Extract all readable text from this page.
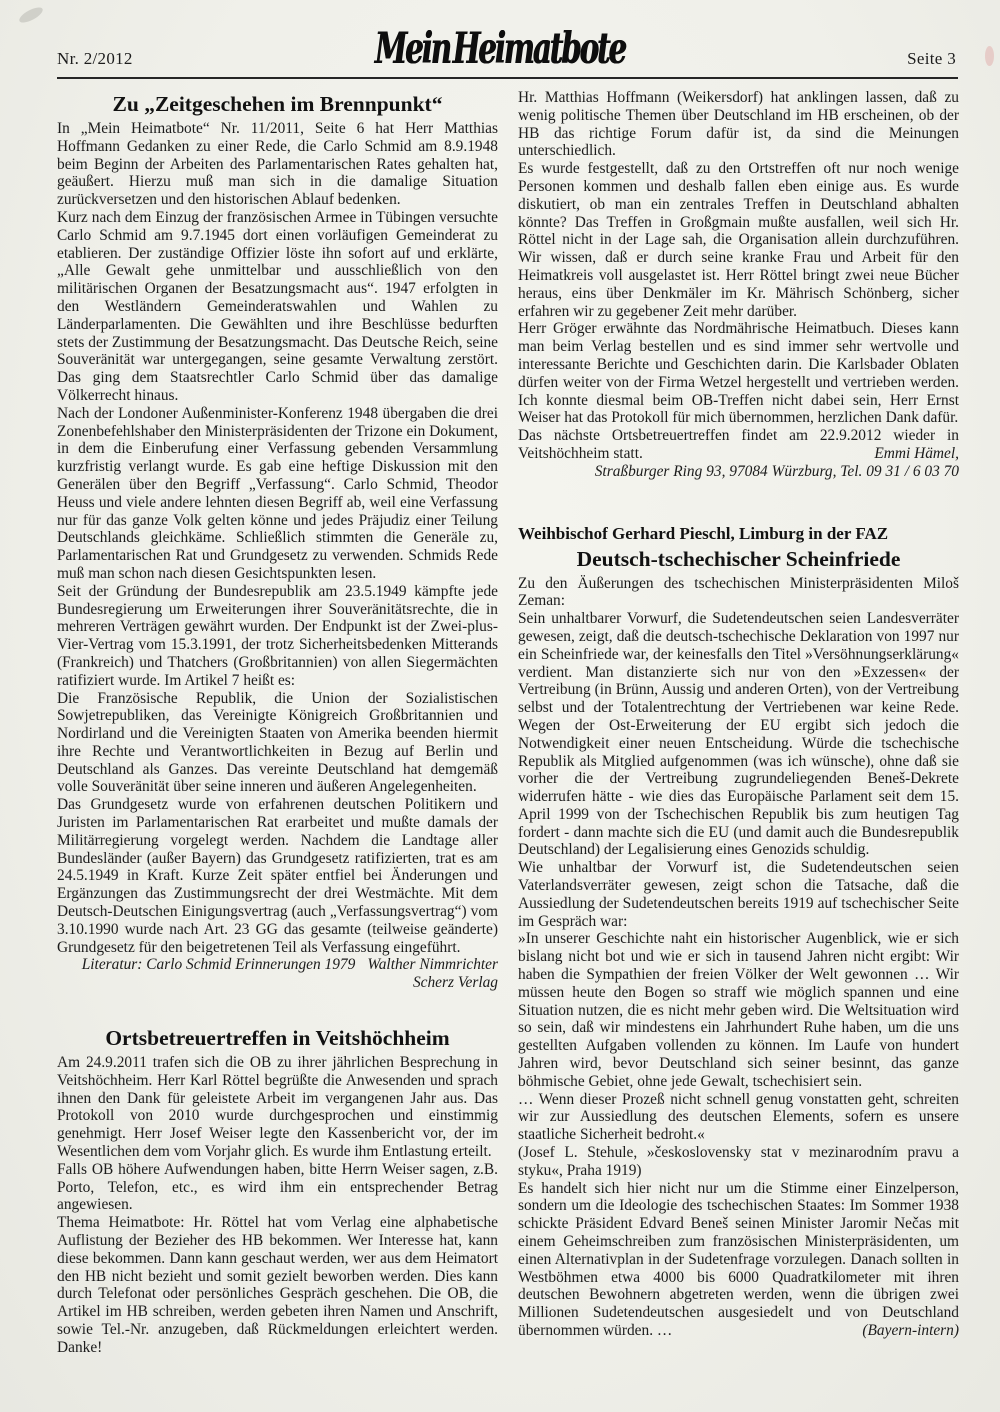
Nr. 2/2012	Mein Heimatbote	Seite 3
Zu „Zeitgeschehen im Brennpunkt“

In „Mein Heimatbote“ Nr. 11/2011, Seite 6 hat Herr Matthias Hoffmann Gedanken zu einer Rede, die Carlo Schmid am 8.9.1948 beim Beginn der Arbeiten des Parlamentarischen Rates gehalten hat, geäußert. Hierzu muß man sich in die damalige Situation zurückversetzen und den historischen Ablauf bedenken.

Kurz nach dem Einzug der französischen Armee in Tübingen versuchte Carlo Schmid am 9.7.1945 dort einen vorläufigen Gemeinderat zu etablieren. Der zuständige Offizier löste ihn sofort auf und erklärte, „Alle Gewalt gehe unmittelbar und ausschließlich von den militärischen Organen der Besatzungsmacht aus“. 1947 erfolgten in den Westländern Gemeinderatswahlen und Wahlen zu Länderparlamenten. Die Gewählten und ihre Beschlüsse bedurften stets der Zustimmung der Besatzungsmacht. Das Deutsche Reich, seine Souveränität war untergegangen, seine gesamte Verwaltung zerstört. Das ging dem Staatsrechtler Carlo Schmid über das damalige Völkerrecht hinaus.

Nach der Londoner Außenminister-Konferenz 1948 übergaben die drei Zonenbefehlshaber den Ministerpräsidenten der Trizone ein Dokument, in dem die Einberufung einer Verfassung gebenden Versammlung kurzfristig verlangt wurde. Es gab eine heftige Diskussion mit den Generälen über den Begriff „Verfassung“. Carlo Schmid, Theodor Heuss und viele andere lehnten diesen Begriff ab, weil eine Verfassung nur für das ganze Volk gelten könne und jedes Präjudiz einer Teilung Deutschlands gleichkäme. Schließlich stimmten die Generäle zu, Parlamentarischen Rat und Grundgesetz zu verwenden. Schmids Rede muß man schon nach diesen Gesichtspunkten lesen.

Seit der Gründung der Bundesrepublik am 23.5.1949 kämpfte jede Bundesregierung um Erweiterungen ihrer Souveränitätsrechte, die in mehreren Verträgen gewährt wurden. Der Endpunkt ist der Zwei-plus-Vier-Vertrag vom 15.3.1991, der trotz Sicherheitsbedenken Mitterands (Frankreich) und Thatchers (Großbritannien) von allen Siegermächten ratifiziert wurde. Im Artikel 7 heißt es:

Die Französische Republik, die Union der Sozialistischen Sowjetrepubliken, das Vereinigte Königreich Großbritannien und Nordirland und die Vereinigten Staaten von Amerika beenden hiermit ihre Rechte und Verantwortlichkeiten in Bezug auf Berlin und Deutschland als Ganzes. Das vereinte Deutschland hat demgemäß volle Souveränität über seine inneren und äußeren Angelegenheiten.

Das Grundgesetz wurde von erfahrenen deutschen Politikern und Juristen im Parlamentarischen Rat erarbeitet und mußte damals der Militärregierung vorgelegt werden. Nachdem die Landtage aller Bundesländer (außer Bayern) das Grundgesetz ratifizierten, trat es am 24.5.1949 in Kraft. Kurze Zeit später entfiel bei Änderungen und Ergänzungen das Zustimmungsrecht der drei Westmächte. Mit dem Deutsch-Deutschen Einigungsvertrag (auch „Verfassungsvertrag“) vom 3.10.1990 wurde nach Art. 23 GG das gesamte (teilweise geänderte) Grundgesetz für den beigetretenen Teil als Verfassung eingeführt.
Walther Nimmrichter

Literatur: Carlo Schmid Erinnerungen 1979 Scherz Verlag

Ortsbetreuertreffen in Veitshöchheim

Am 24.9.2011 trafen sich die OB zu ihrer jährlichen Besprechung in Veitshöchheim. Herr Karl Röttel begrüßte die Anwesenden und sprach ihnen den Dank für geleistete Arbeit im vergangenen Jahr aus. Das Protokoll von 2010 wurde durchgesprochen und einstimmig genehmigt. Herr Josef Weiser legte den Kassenbericht vor, der im Wesentlichen dem vom Vorjahr glich. Es wurde ihm Entlastung erteilt.

Falls OB höhere Aufwendungen haben, bitte Herrn Weiser sagen, z.B. Porto, Telefon, etc., es wird ihm ein entsprechender Betrag angewiesen.

Thema Heimatbote: Hr. Röttel hat vom Verlag eine alphabetische Auflistung der Bezieher des HB bekommen. Wer Interesse hat, kann diese bekommen. Dann kann geschaut werden, wer aus dem Heimatort den HB nicht bezieht und somit gezielt beworben werden. Dies kann durch Telefonat oder persönliches Gespräch geschehen. Die OB, die Artikel im HB schreiben, werden gebeten ihren Namen und Anschrift, sowie Tel.-Nr. anzugeben, daß Rückmeldungen erleichtert werden. Danke!

Hr. Matthias Hoffmann (Weikersdorf) hat anklingen lassen, daß zu wenig politische Themen über Deutschland im HB erscheinen, ob der HB das richtige Forum dafür ist, da sind die Meinungen unterschiedlich.

Es wurde festgestellt, daß zu den Ortstreffen oft nur noch wenige Personen kommen und deshalb fallen eben einige aus. Es wurde diskutiert, ob man ein zentrales Treffen in Deutschland abhalten könnte? Das Treffen in Großgmain mußte ausfallen, weil sich Hr. Röttel nicht in der Lage sah, die Organisation allein durchzuführen. Wir wissen, daß er durch seine kranke Frau und Arbeit für den Heimatkreis voll ausgelastet ist. Herr Röttel bringt zwei neue Bücher heraus, eins über Denkmäler im Kr. Mährisch Schönberg, sicher erfahren wir zu gegebener Zeit mehr darüber.

Herr Gröger erwähnte das Nordmährische Heimatbuch. Dieses kann man beim Verlag bestellen und es sind immer sehr wertvolle und interessante Berichte und Geschichten darin. Die Karlsbader Oblaten dürfen weiter von der Firma Wetzel hergestellt und vertrieben werden. Ich konnte diesmal beim OB-Treffen nicht dabei sein, Herr Ernst Weiser hat das Protokoll für mich übernommen, herzlichen Dank dafür.

Das nächste Ortsbetreuertreffen findet am 22.9.2012 wieder in Veitshöchheim statt.	Emmi Hämel,

Straßburger Ring 93, 97084 Würzburg, Tel. 09 31 / 6 03 70

Weihbischof Gerhard Pieschl, Limburg in der FAZ

Deutsch-tschechischer Scheinfriede

Zu den Äußerungen des tschechischen Ministerpräsidenten Miloš Zeman:

Sein unhaltbarer Vorwurf, die Sudetendeutschen seien Landesverräter gewesen, zeigt, daß die deutsch-tschechische Deklaration von 1997 nur ein Scheinfriede war, der keinesfalls den Titel »Versöhnungserklärung« verdient. Man distanzierte sich nur von den »Exzessen« der Vertreibung (in Brünn, Aussig und anderen Orten), von der Vertreibung selbst und der Totalentrechtung der Vertriebenen war keine Rede. Wegen der Ost-Erweiterung der EU ergibt sich jedoch die Notwendigkeit einer neuen Entscheidung. Würde die tschechische Republik als Mitglied aufgenommen (was ich wünsche), ohne daß sie vorher die der Vertreibung zugrundeliegenden Beneš-Dekrete widerrufen hätte - wie dies das Europäische Parlament seit dem 15. April 1999 von der Tschechischen Republik bis zum heutigen Tag fordert - dann machte sich die EU (und damit auch die Bundesrepublik Deutschland) der Legalisierung eines Genozids schuldig.

Wie unhaltbar der Vorwurf ist, die Sudetendeutschen seien Vaterlandsverräter gewesen, zeigt schon die Tatsache, daß die Aussiedlung der Sudetendeutschen bereits 1919 auf tschechischer Seite im Gespräch war:

»In unserer Geschichte naht ein historischer Augenblick, wie er sich bislang nicht bot und wie er sich in tausend Jahren nicht ergibt: Wir haben die Sympathien der freien Völker der Welt gewonnen … Wir müssen heute den Bogen so straff wie möglich spannen und eine Situation nutzen, die es nicht mehr geben wird. Die Weltsituation wird so sein, daß wir mindestens ein Jahrhundert Ruhe haben, um die uns gestellten Aufgaben vollenden zu können. Im Laufe von hundert Jahren wird, bevor Deutschland sich seiner besinnt, das ganze böhmische Gebiet, ohne jede Gewalt, tschechisiert sein.

… Wenn dieser Prozeß nicht schnell genug vonstatten geht, schreiten wir zur Aussiedlung des deutschen Elements, sofern es unsere staatliche Sicherheit bedroht.«

(Josef L. Stehule, »československy stat v mezinarodním pravu a styku«, Praha 1919)

Es handelt sich hier nicht nur um die Stimme einer Einzelperson, sondern um die Ideologie des tschechischen Staates: Im Sommer 1938 schickte Präsident Edvard Beneš seinen Minister Jaromir Nečas mit einem Geheimschreiben zum französischen Ministerpräsidenten, um einen Alternativplan in der Sudetenfrage vorzulegen. Danach sollten in Westböhmen etwa 4000 bis 6000 Quadratkilometer mit ihren deutschen Bewohnern abgetreten werden, wenn die übrigen zwei Millionen Sudetendeutschen ausgesiedelt und von Deutschland übernommen würden. …	(Bayern-intern)
